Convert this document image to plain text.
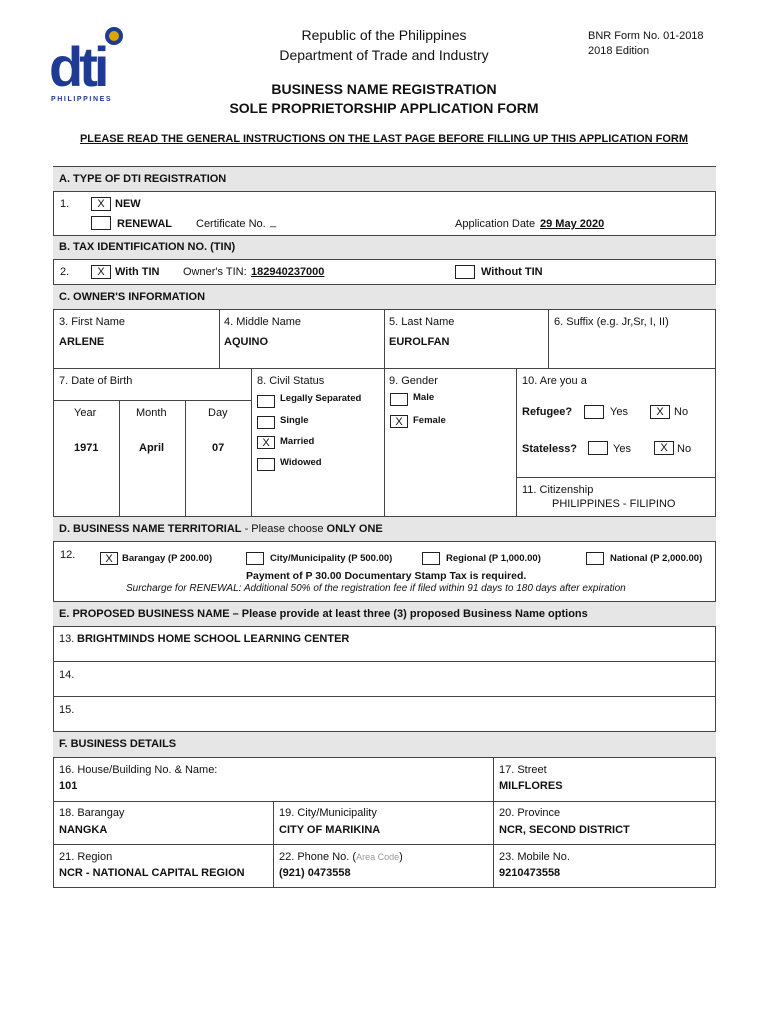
dti
PHILIPPINES
Republic of the Philippines
Department of Trade and Industry
BNR Form No. 01-2018
2018 Edition
BUSINESS NAME REGISTRATION
SOLE PROPRIETORSHIP APPLICATION FORM
PLEASE READ THE GENERAL INSTRUCTIONS ON THE LAST PAGE BEFORE FILLING UP THIS APPLICATION FORM
A. TYPE OF DTI REGISTRATION
1.	X NEW
RENEWAL Certificate No. _	Application Date 29 May 2020
B. TAX IDENTIFICATION NO. (TIN)
2.	X With TIN Owner's TIN: 182940237000	Without TIN
C. OWNER'S INFORMATION
3. First Name
ARLENE
4. Middle Name
AQUINO
5. Last Name
EUROLFAN
6. Suffix (e.g. Jr,Sr, I, II)
7. Date of Birth
Year	Month	Day
1971	April	07
8. Civil Status
Legally Separated
Single
X	Married
Widowed
9. Gender
Male
X	Female
10. Are you a
Refugee?	Yes	X No
Stateless?	Yes	X No
11. Citizenship
PHILIPPINES - FILIPINO
D. BUSINESS NAME TERRITORIAL - Please choose ONLY ONE
12.	X Barangay (P 200.00)	City/Municipality (P 500.00)	Regional (P 1,000.00)	National (P 2,000.00)
Payment of P 30.00 Documentary Stamp Tax is required.
Surcharge for RENEWAL: Additional 50% of the registration fee if filed within 91 days to 180 days after expiration
E. PROPOSED BUSINESS NAME – Please provide at least three (3) proposed Business Name options
13. BRIGHTMINDS HOME SCHOOL LEARNING CENTER
14.
15.
F. BUSINESS DETAILS
16. House/Building No. & Name:
101
17. Street
MILFLORES
18. Barangay
NANGKA
19. City/Municipality
CITY OF MARIKINA
20. Province
NCR, SECOND DISTRICT
21. Region
NCR - NATIONAL CAPITAL REGION
22. Phone No. (Area Code)
(921) 0473558
23. Mobile No.
9210473558
